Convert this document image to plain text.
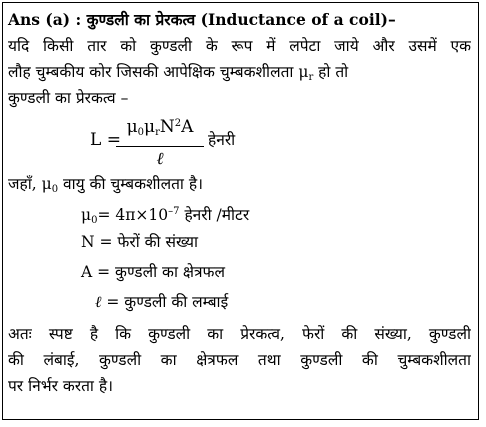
Ans (a) : कुण्डली का प्रेरकत्व (Inductance of a coil)–
यदि किसी तार को कुण्डली के रूप में लपेटा जाये और उसमें एक
लौह चुम्बकीय कोर जिसकी आपेक्षिक चुम्बकशीलता $\mu_r$ हो तो
कुण्डली का प्रेरकत्व –
L =
$\mu_0\mu_rN^2A$
ℓ
हेनरी
जहाँ, $\mu_0$ वायु की चुम्बकशीलता है।
$\mu_0= 4\pi\times 10^{-7}$ हेनरी /मीटर
N = फेरों की संख्या
A = कुण्डली का क्षेत्रफल
ℓ = कुण्डली की लम्बाई
अतः स्पष्ट है कि कुण्डली का प्रेरकत्व, फेरों की संख्या, कुण्डली
की लंबाई, कुण्डली का क्षेत्रफल तथा कुण्डली की चुम्बकशीलता
पर निर्भर करता है।
